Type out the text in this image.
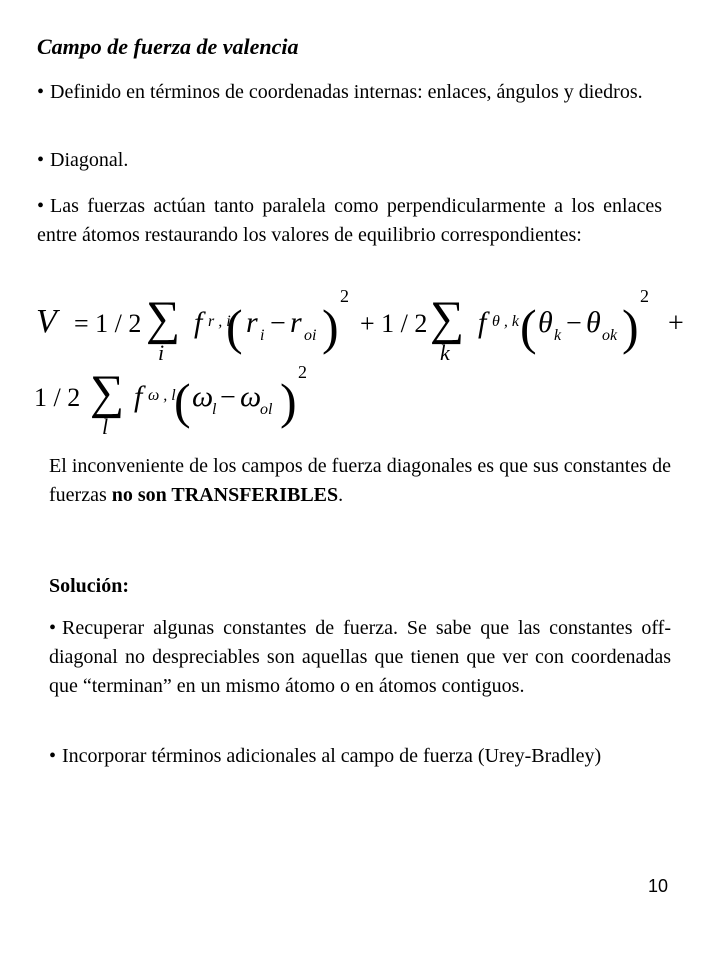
Campo de fuerza de valencia
• Definido en términos de coordenadas internas: enlaces, ángulos y diedros.
• Diagonal.
• Las fuerzas actúan tanto paralela como perpendicularmente a los enlaces entre átomos restaurando los valores de equilibrio correspondientes:
V = 1 / 2 ∑
i
f r , i
( r i − r oi )
2
+ 1 / 2 ∑
k
f θ , k ( θ k − θ ok )
2
+
1 / 2 ∑
l
f ω , l
( ω
l − ω
ol )
2
El inconveniente de los campos de fuerza diagonales es que sus constantes de fuerzas no son TRANSFERIBLES.
Solución:
• Recuperar algunas constantes de fuerza. Se sabe que las constantes off-diagonal no despreciables son aquellas que tienen que ver con coordenadas que “terminan” en un mismo átomo o en átomos contiguos.
• Incorporar términos adicionales al campo de fuerza (Urey-Bradley)
10
